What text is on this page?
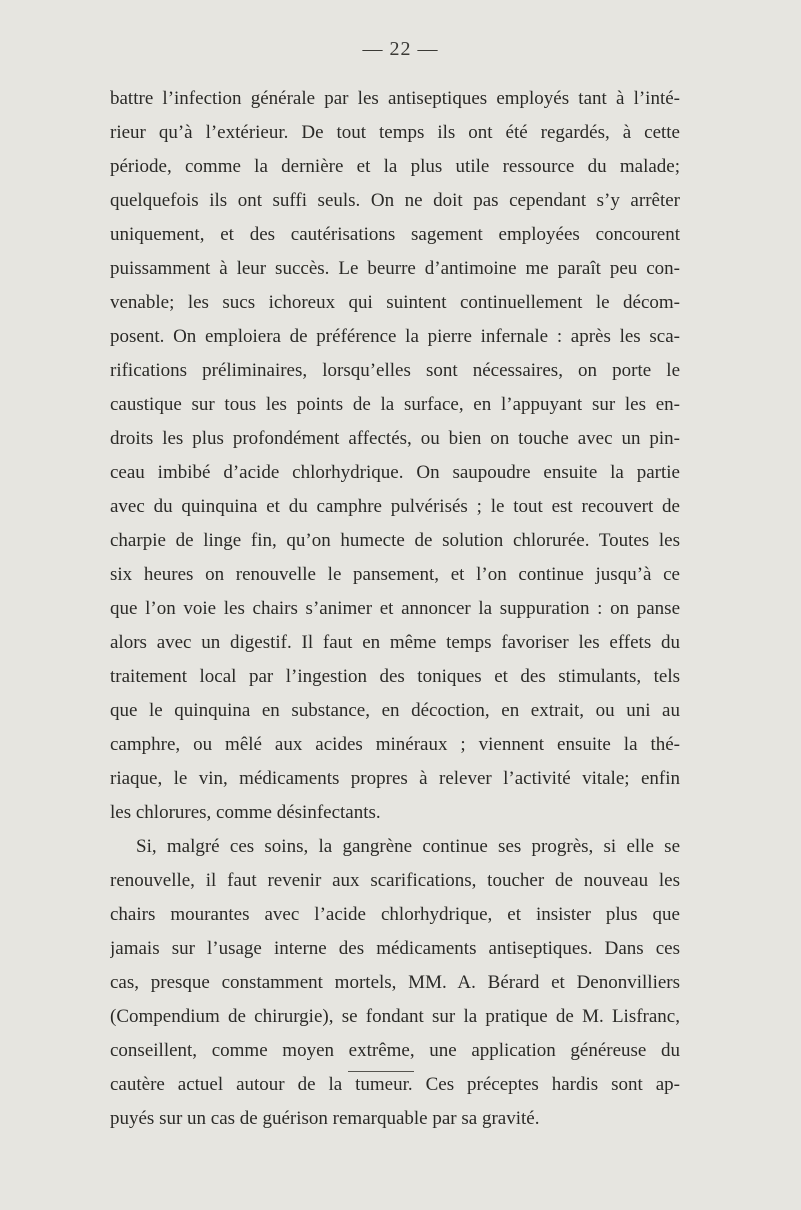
— 22 —
battre l’infection générale par les antiseptiques employés tant à l’inté-
rieur qu’à l’extérieur. De tout temps ils ont été regardés, à cette
période, comme la dernière et la plus utile ressource du malade;
quelquefois ils ont suffi seuls. On ne doit pas cependant s’y arrêter
uniquement, et des cautérisations sagement employées concourent
puissamment à leur succès. Le beurre d’antimoine me paraît peu con-
venable; les sucs ichoreux qui suintent continuellement le décom-
posent. On emploiera de préférence la pierre infernale : après les sca-
rifications préliminaires, lorsqu’elles sont nécessaires, on porte le
caustique sur tous les points de la surface, en l’appuyant sur les en-
droits les plus profondément affectés, ou bien on touche avec un pin-
ceau imbibé d’acide chlorhydrique. On saupoudre ensuite la partie
avec du quinquina et du camphre pulvérisés ; le tout est recouvert de
charpie de linge fin, qu’on humecte de solution chlorurée. Toutes les
six heures on renouvelle le pansement, et l’on continue jusqu’à ce
que l’on voie les chairs s’animer et annoncer la suppuration : on panse
alors avec un digestif. Il faut en même temps favoriser les effets du
traitement local par l’ingestion des toniques et des stimulants, tels
que le quinquina en substance, en décoction, en extrait, ou uni au
camphre, ou mêlé aux acides minéraux ; viennent ensuite la thé-
riaque, le vin, médicaments propres à relever l’activité vitale; enfin
les chlorures, comme désinfectants.
Si, malgré ces soins, la gangrène continue ses progrès, si elle se
renouvelle, il faut revenir aux scarifications, toucher de nouveau les
chairs mourantes avec l’acide chlorhydrique, et insister plus que
jamais sur l’usage interne des médicaments antiseptiques. Dans ces
cas, presque constamment mortels, MM. A. Bérard et Denonvilliers
(Compendium de chirurgie), se fondant sur la pratique de M. Lisfranc,
conseillent, comme moyen extrême, une application généreuse du
cautère actuel autour de la tumeur. Ces préceptes hardis sont ap-
puyés sur un cas de guérison remarquable par sa gravité.
